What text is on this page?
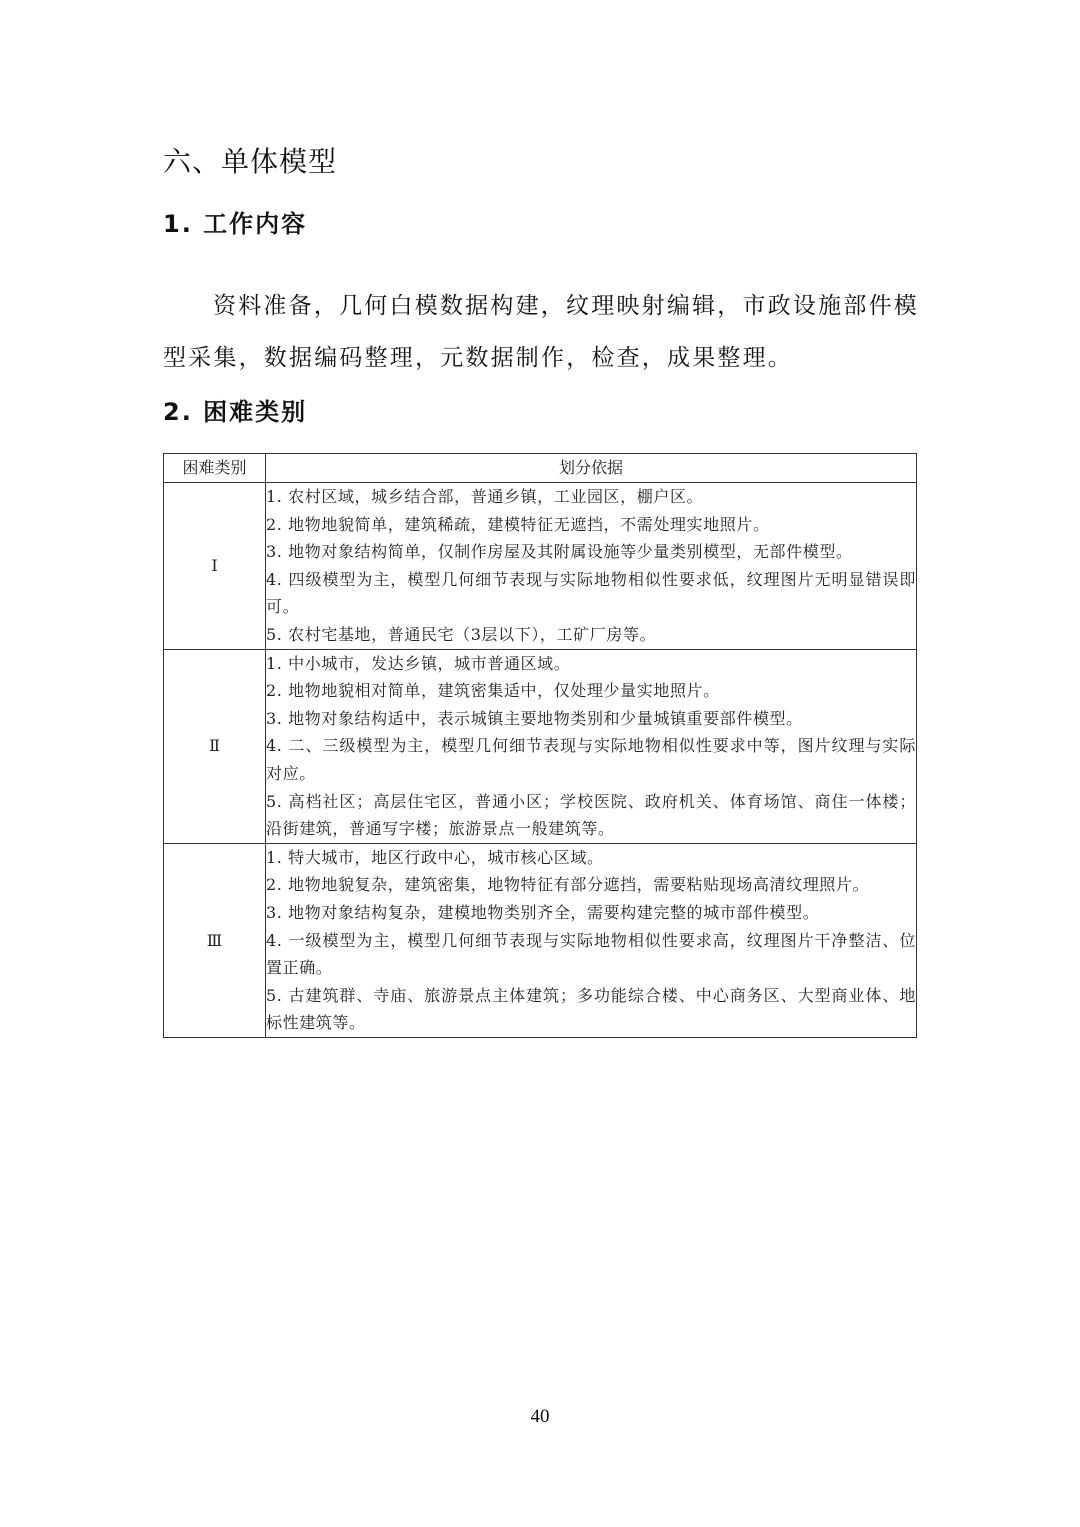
六、单体模型
1. 工作内容

资料准备，几何白模数据构建，纹理映射编辑，市政设施部件模型采集，数据编码整理，元数据制作，检查，成果整理。

2. 困难类别
困难类别	划分依据
Ⅰ	1. 农村区域，城乡结合部，普通乡镇，工业园区，棚户区。

2. 地物地貌简单，建筑稀疏，建模特征无遮挡，不需处理实地照片。

3. 地物对象结构简单，仅制作房屋及其附属设施等少量类别模型，无部件模型。

4. 四级模型为主，模型几何细节表现与实际地物相似性要求低，纹理图片无明显错误即可。

5. 农村宅基地，普通民宅（3层以下），工矿厂房等。

Ⅱ	1. 中小城市，发达乡镇，城市普通区域。

2. 地物地貌相对简单，建筑密集适中，仅处理少量实地照片。

3. 地物对象结构适中，表示城镇主要地物类别和少量城镇重要部件模型。

4. 二、三级模型为主，模型几何细节表现与实际地物相似性要求中等，图片纹理与实际对应。

5. 高档社区；高层住宅区，普通小区；学校医院、政府机关、体育场馆、商住一体楼；沿街建筑，普通写字楼；旅游景点一般建筑等。

Ⅲ	1. 特大城市，地区行政中心，城市核心区域。

2. 地物地貌复杂，建筑密集，地物特征有部分遮挡，需要粘贴现场高清纹理照片。

3. 地物对象结构复杂，建模地物类别齐全，需要构建完整的城市部件模型。

4. 一级模型为主，模型几何细节表现与实际地物相似性要求高，纹理图片干净整洁、位置正确。

5. 古建筑群、寺庙、旅游景点主体建筑；多功能综合楼、中心商务区、大型商业体、地标性建筑等。

40
